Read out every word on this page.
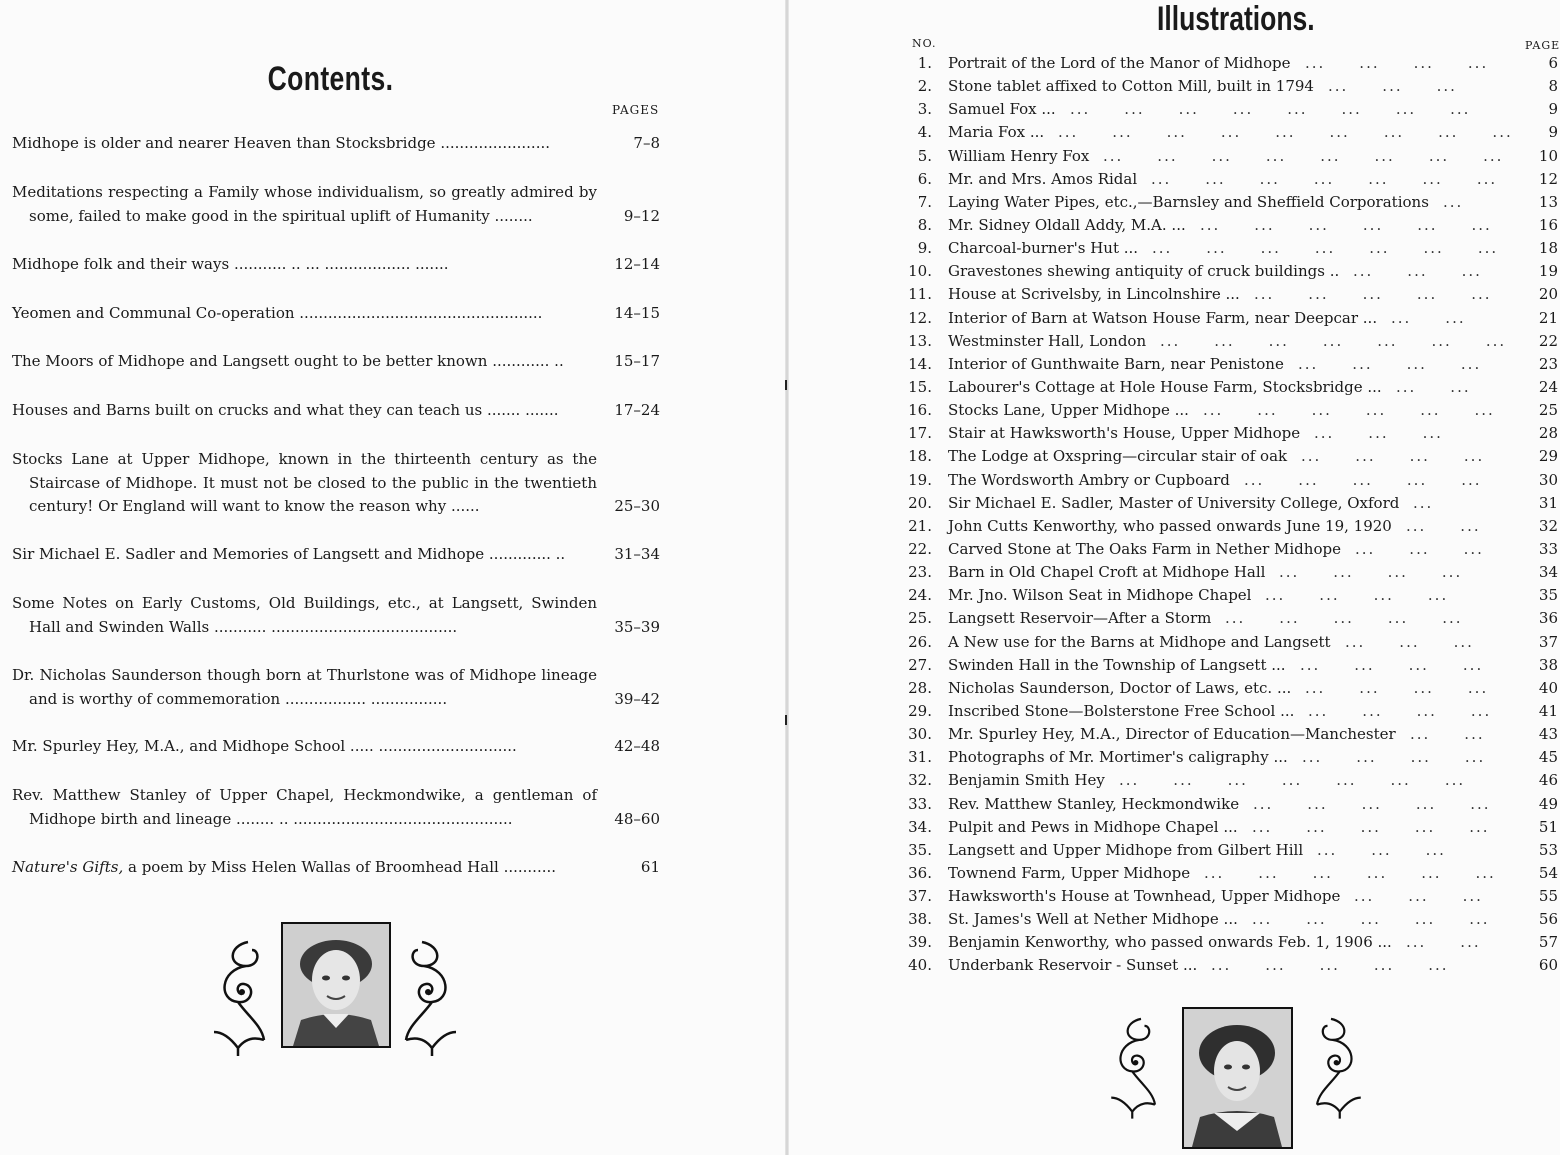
Contents.
PAGES
Midhope is older and nearer Heaven than Stocksbridge .......................	7–8
Meditations respecting a Family whose individualism, so greatly admired by some, failed to make good in the spiritual uplift of Humanity ........	9–12
Midhope folk and their ways ........... .. ... .................. .......	12–14
Yeomen and Communal Co-operation ...................................................	14–15
The Moors of Midhope and Langsett ought to be better known ............ ..	15–17
Houses and Barns built on crucks and what they can teach us ....... .......	17–24
Stocks Lane at Upper Midhope, known in the thirteenth century as the Staircase of Midhope. It must not be closed to the public in the twentieth century! Or England will want to know the reason why ......	25–30
Sir Michael E. Sadler and Memories of Langsett and Midhope ............. ..	31–34
Some Notes on Early Customs, Old Buildings, etc., at Langsett, Swinden Hall and Swinden Walls ........... .......................................	35–39
Dr. Nicholas Saunderson though born at Thurlstone was of Midhope lineage and is worthy of commemoration ................. ................	39–42
Mr. Spurley Hey, M.A., and Midhope School ..... .............................	42–48
Rev. Matthew Stanley of Upper Chapel, Heckmondwike, a gentleman of Midhope birth and lineage ........ .. ..............................................	48–60
Nature's Gifts, a poem by Miss Helen Wallas of Broomhead Hall ...........	61
Illustrations.
NO.	PAGE
1. Portrait of the Lord of the Manor of Midhope	6
...  ...  ...  ...  
2. Stone tablet affixed to Cotton Mill, built in 1794	8
...  ...  ...  
3. Samuel Fox ...	9
...  ...  ...  ...  ...  ...  ...  ...  
4. Maria Fox ...	9
...  ...  ...  ...  ...  ...  ...  ...  ...  
5. William Henry Fox	10
...  ...  ...  ...  ...  ...  ...  ...  
6. Mr. and Mrs. Amos Ridal	12
...  ...  ...  ...  ...  ...  ...  
7. Laying Water Pipes, etc.,—Barnsley and Sheffield Corporations	13
...  
8. Mr. Sidney Oldall Addy, M.A. ...	16
...  ...  ...  ...  ...  ...  
9. Charcoal-burner's Hut ...	18
...  ...  ...  ...  ...  ...  ...  
10. Gravestones shewing antiquity of cruck buildings ..	19
...  ...  ...  
11. House at Scrivelsby, in Lincolnshire ...	20
...  ...  ...  ...  ...  
12. Interior of Barn at Watson House Farm, near Deepcar ...	21
...  ...  
13. Westminster Hall, London	22
...  ...  ...  ...  ...  ...  ...  
14. Interior of Gunthwaite Barn, near Penistone	23
...  ...  ...  ...  
15. Labourer's Cottage at Hole House Farm, Stocksbridge ...	24
...  ...  
16. Stocks Lane, Upper Midhope ...	25
...  ...  ...  ...  ...  ...  
17. Stair at Hawksworth's House, Upper Midhope	28
...  ...  ...  
18. The Lodge at Oxspring—circular stair of oak	29
...  ...  ...  ...  
19. The Wordsworth Ambry or Cupboard	30
...  ...  ...  ...  ...  
20. Sir Michael E. Sadler, Master of University College, Oxford	31
...  
21. John Cutts Kenworthy, who passed onwards June 19, 1920	32
...  ...  
22. Carved Stone at The Oaks Farm in Nether Midhope	33
...  ...  ...  
23. Barn in Old Chapel Croft at Midhope Hall	34
...  ...  ...  ...  
24. Mr. Jno. Wilson Seat in Midhope Chapel	35
...  ...  ...  ...  
25. Langsett Reservoir—After a Storm	36
...  ...  ...  ...  ...  
26. A New use for the Barns at Midhope and Langsett	37
...  ...  ...  
27. Swinden Hall in the Township of Langsett ...	38
...  ...  ...  ...  
28. Nicholas Saunderson, Doctor of Laws, etc. ...	40
...  ...  ...  ...  
29. Inscribed Stone—Bolsterstone Free School ...	41
...  ...  ...  ...  
30. Mr. Spurley Hey, M.A., Director of Education—Manchester	43
...  ...  
31. Photographs of Mr. Mortimer's caligraphy ...	45
...  ...  ...  ...  
32. Benjamin Smith Hey	46
...  ...  ...  ...  ...  ...  ...  
33. Rev. Matthew Stanley, Heckmondwike	49
...  ...  ...  ...  ...  
34. Pulpit and Pews in Midhope Chapel ...	51
...  ...  ...  ...  ...  
35. Langsett and Upper Midhope from Gilbert Hill	53
...  ...  ...  
36. Townend Farm, Upper Midhope	54
...  ...  ...  ...  ...  ...  
37. Hawksworth's House at Townhead, Upper Midhope	55
...  ...  ...  
38. St. James's Well at Nether Midhope ...	56
...  ...  ...  ...  ...  
39. Benjamin Kenworthy, who passed onwards Feb. 1, 1906 ...	57
...  ...  
40. Underbank Reservoir - Sunset ...	60
...  ...  ...  ...  ...  
